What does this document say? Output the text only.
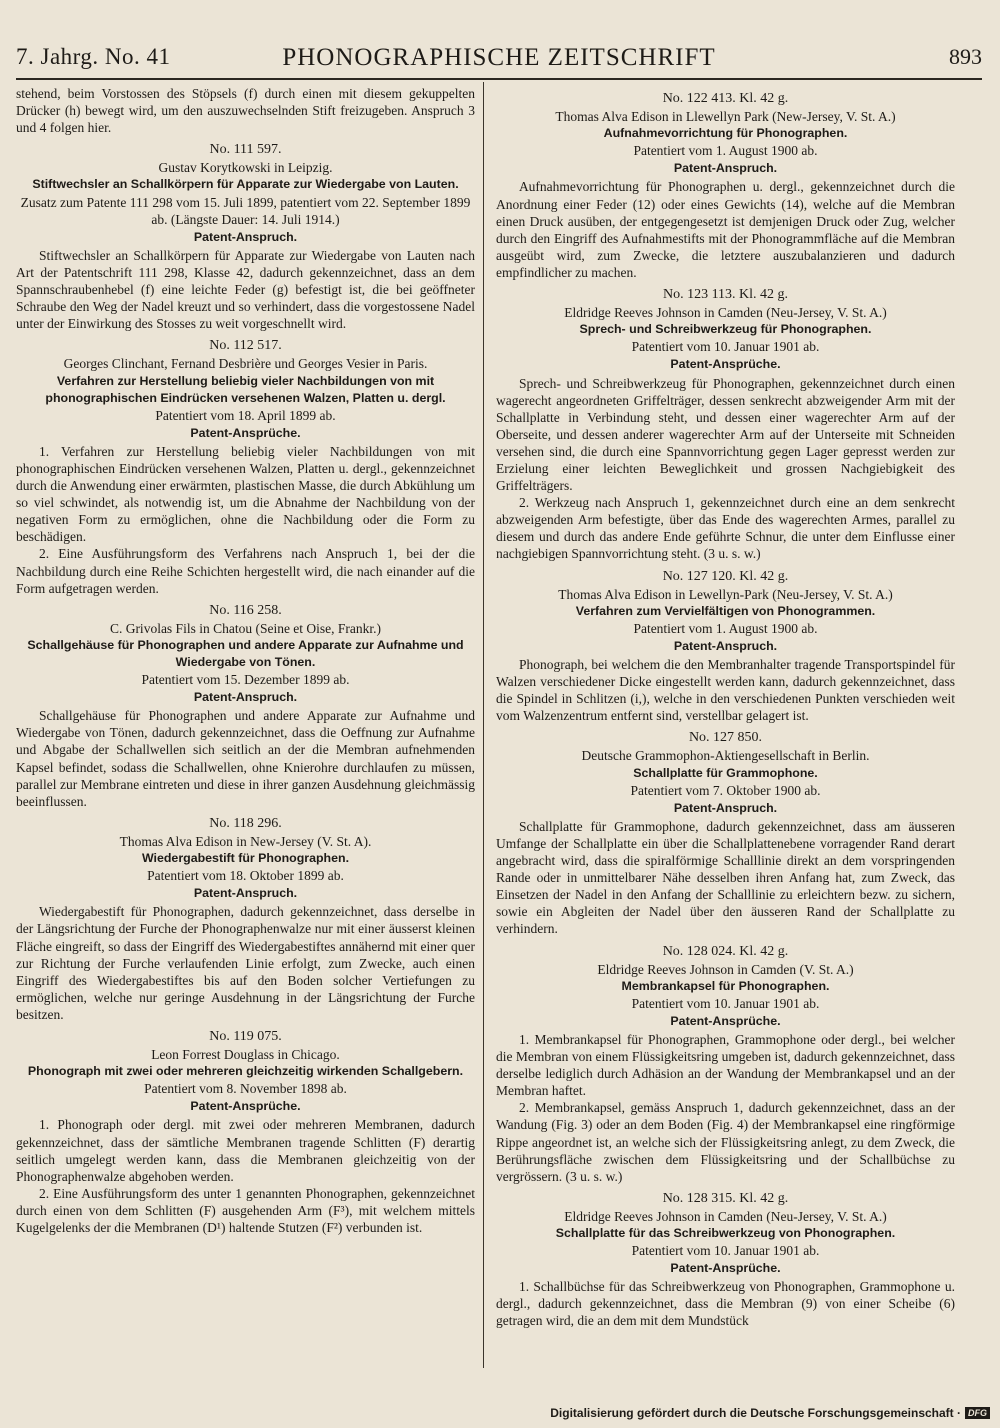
7. Jahrg. No. 41	PHONOGRAPHISCHE ZEITSCHRIFT	893
stehend, beim Vorstossen des Stöpsels (f) durch einen mit diesem gekuppelten Drücker (h) bewegt wird, um den auszuwechselnden Stift freizugeben. Anspruch 3 und 4 folgen hier.
No. 111 597.
Gustav Korytkowski in Leipzig.
Stiftwechsler an Schallkörpern für Apparate zur Wiedergabe von Lauten.
Zusatz zum Patente 111 298 vom 15. Juli 1899, patentiert vom 22. September 1899 ab. (Längste Dauer: 14. Juli 1914.)
Patent-Anspruch.
Stiftwechsler an Schallkörpern für Apparate zur Wiedergabe von Lauten nach Art der Patentschrift 111 298, Klasse 42, dadurch gekennzeichnet, dass an dem Spannschraubenhebel (f) eine leichte Feder (g) befestigt ist, die bei geöffneter Schraube den Weg der Nadel kreuzt und so verhindert, dass die vorgestossene Nadel unter der Einwirkung des Stosses zu weit vorgeschnellt wird.
No. 112 517.
Georges Clinchant, Fernand Desbrière und Georges Vesier in Paris.
Verfahren zur Herstellung beliebig vieler Nachbildungen von mit phonographischen Eindrücken versehenen Walzen, Platten u. dergl.
Patentiert vom 18. April 1899 ab.
Patent-Ansprüche.
1. Verfahren zur Herstellung beliebig vieler Nachbildungen von mit phonographischen Eindrücken versehenen Walzen, Platten u. dergl., gekennzeichnet durch die Anwendung einer erwärmten, plastischen Masse, die durch Abkühlung um so viel schwindet, als notwendig ist, um die Abnahme der Nachbildung von der negativen Form zu ermöglichen, ohne die Nachbildung oder die Form zu beschädigen.
2. Eine Ausführungsform des Verfahrens nach Anspruch 1, bei der die Nachbildung durch eine Reihe Schichten hergestellt wird, die nach einander auf die Form aufgetragen werden.
No. 116 258.
C. Grivolas Fils in Chatou (Seine et Oise, Frankr.)
Schallgehäuse für Phonographen und andere Apparate zur Aufnahme und Wiedergabe von Tönen.
Patentiert vom 15. Dezember 1899 ab.
Patent-Anspruch.
Schallgehäuse für Phonographen und andere Apparate zur Aufnahme und Wiedergabe von Tönen, dadurch gekennzeichnet, dass die Oeffnung zur Aufnahme und Abgabe der Schallwellen sich seitlich an der die Membran aufnehmenden Kapsel befindet, sodass die Schallwellen, ohne Knierohre durchlaufen zu müssen, parallel zur Membrane eintreten und diese in ihrer ganzen Ausdehnung gleichmässig beeinflussen.
No. 118 296.
Thomas Alva Edison in New-Jersey (V. St. A).
Wiedergabestift für Phonographen.
Patentiert vom 18. Oktober 1899 ab.
Patent-Anspruch.
Wiedergabestift für Phonographen, dadurch gekennzeichnet, dass derselbe in der Längsrichtung der Furche der Phonographenwalze nur mit einer äusserst kleinen Fläche eingreift, so dass der Eingriff des Wiedergabestiftes annähernd mit einer quer zur Richtung der Furche verlaufenden Linie erfolgt, zum Zwecke, auch einen Eingriff des Wiedergabestiftes bis auf den Boden solcher Vertiefungen zu ermöglichen, welche nur geringe Ausdehnung in der Längsrichtung der Furche besitzen.
No. 119 075.
Leon Forrest Douglass in Chicago.
Phonograph mit zwei oder mehreren gleichzeitig wirkenden Schallgebern.
Patentiert vom 8. November 1898 ab.
Patent-Ansprüche.
1. Phonograph oder dergl. mit zwei oder mehreren Membranen, dadurch gekennzeichnet, dass der sämtliche Membranen tragende Schlitten (F) derartig seitlich umgelegt werden kann, dass die Membranen gleichzeitig von der Phonographenwalze abgehoben werden.
2. Eine Ausführungsform des unter 1 genannten Phonographen, gekennzeichnet durch einen von dem Schlitten (F) ausgehenden Arm (F³), mit welchem mittels Kugelgelenks der die Membranen (D¹) haltende Stutzen (F²) verbunden ist.
No. 122 413. Kl. 42 g.
Thomas Alva Edison in Llewellyn Park (New-Jersey, V. St. A.)
Aufnahmevorrichtung für Phonographen.
Patentiert vom 1. August 1900 ab.
Patent-Anspruch.
Aufnahmevorrichtung für Phonographen u. dergl., gekennzeichnet durch die Anordnung einer Feder (12) oder eines Gewichts (14), welche auf die Membran einen Druck ausüben, der entgegengesetzt ist demjenigen Druck oder Zug, welcher durch den Eingriff des Aufnahmestifts mit der Phonogrammfläche auf die Membran ausgeübt wird, zum Zwecke, die letztere auszubalanzieren und dadurch empfindlicher zu machen.
No. 123 113. Kl. 42 g.
Eldridge Reeves Johnson in Camden (Neu-Jersey, V. St. A.)
Sprech- und Schreibwerkzeug für Phonographen.
Patentiert vom 10. Januar 1901 ab.
Patent-Ansprüche.
Sprech- und Schreibwerkzeug für Phonographen, gekennzeichnet durch einen wagerecht angeordneten Griffelträger, dessen senkrecht abzweigender Arm mit der Schallplatte in Verbindung steht, und dessen einer wagerechter Arm auf der Oberseite, und dessen anderer wagerechter Arm auf der Unterseite mit Schneiden versehen sind, die durch eine Spannvorrichtung gegen Lager gepresst werden zur Erzielung einer leichten Beweglichkeit und grossen Nachgiebigkeit des Griffelträgers.
2. Werkzeug nach Anspruch 1, gekennzeichnet durch eine an dem senkrecht abzweigenden Arm befestigte, über das Ende des wagerechten Armes, parallel zu diesem und durch das andere Ende geführte Schnur, die unter dem Einflusse einer nachgiebigen Spannvorrichtung steht. (3 u. s. w.)
No. 127 120. Kl. 42 g.
Thomas Alva Edison in Lewellyn-Park (Neu-Jersey, V. St. A.)
Verfahren zum Vervielfältigen von Phonogrammen.
Patentiert vom 1. August 1900 ab.
Patent-Anspruch.
Phonograph, bei welchem die den Membranhalter tragende Transportspindel für Walzen verschiedener Dicke eingestellt werden kann, dadurch gekennzeichnet, dass die Spindel in Schlitzen (i,), welche in den verschiedenen Punkten verschieden weit vom Walzenzentrum entfernt sind, verstellbar gelagert ist.
No. 127 850.
Deutsche Grammophon-Aktiengesellschaft in Berlin.
Schallplatte für Grammophone.
Patentiert vom 7. Oktober 1900 ab.
Patent-Anspruch.
Schallplatte für Grammophone, dadurch gekennzeichnet, dass am äusseren Umfange der Schallplatte ein über die Schallplattenebene vorragender Rand derart angebracht wird, dass die spiralförmige Schalllinie direkt an dem vorspringenden Rande oder in unmittelbarer Nähe desselben ihren Anfang hat, zum Zweck, das Einsetzen der Nadel in den Anfang der Schalllinie zu erleichtern bezw. zu sichern, sowie ein Abgleiten der Nadel über den äusseren Rand der Schallplatte zu verhindern.
No. 128 024. Kl. 42 g.
Eldridge Reeves Johnson in Camden (V. St. A.)
Membrankapsel für Phonographen.
Patentiert vom 10. Januar 1901 ab.
Patent-Ansprüche.
1. Membrankapsel für Phonographen, Grammophone oder dergl., bei welcher die Membran von einem Flüssigkeitsring umgeben ist, dadurch gekennzeichnet, dass derselbe lediglich durch Adhäsion an der Wandung der Membrankapsel und an der Membran haftet.
2. Membrankapsel, gemäss Anspruch 1, dadurch gekennzeichnet, dass an der Wandung (Fig. 3) oder an dem Boden (Fig. 4) der Membrankapsel eine ringförmige Rippe angeordnet ist, an welche sich der Flüssigkeitsring anlegt, zu dem Zweck, die Berührungsfläche zwischen dem Flüssigkeitsring und der Schallbüchse zu vergrössern. (3 u. s. w.)
No. 128 315. Kl. 42 g.
Eldridge Reeves Johnson in Camden (Neu-Jersey, V. St. A.)
Schallplatte für das Schreibwerkzeug von Phonographen.
Patentiert vom 10. Januar 1901 ab.
Patent-Ansprüche.
1. Schallbüchse für das Schreibwerkzeug von Phonographen, Grammophone u. dergl., dadurch gekennzeichnet, dass die Membran (9) von einer Scheibe (6) getragen wird, die an dem mit dem Mundstück
Digitalisierung gefördert durch die Deutsche Forschungsgemeinschaft · DFG
